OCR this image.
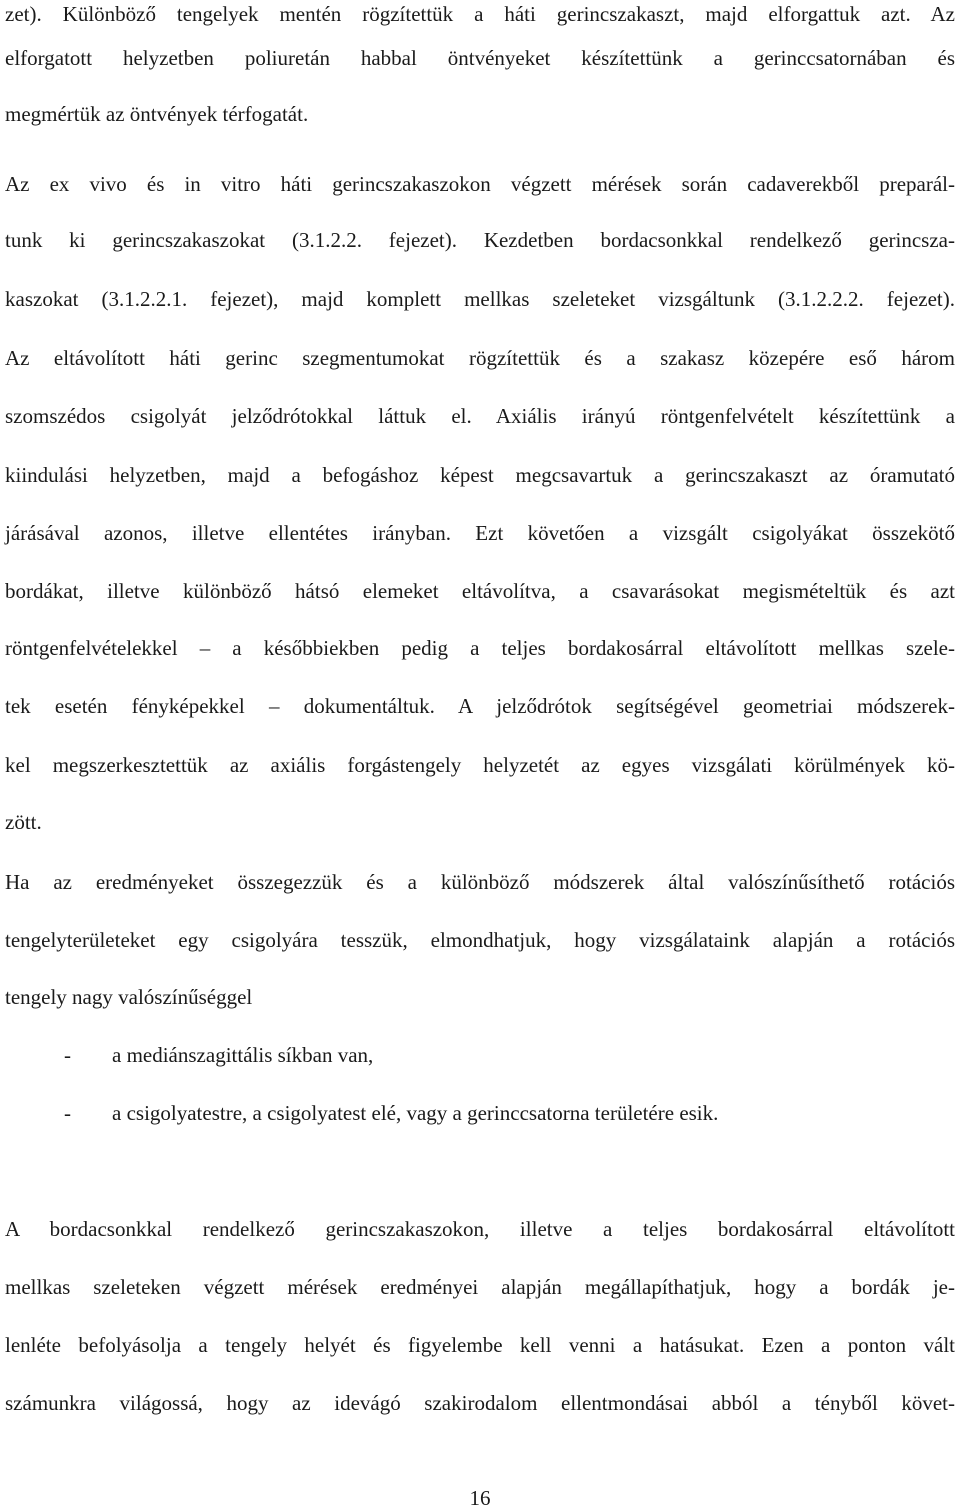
zet). Különböző tengelyek mentén rögzítettük a háti gerincszakaszt, majd elforgattuk azt. Az
elforgatott helyzetben poliuretán habbal öntvényeket készítettünk a gerinccsatornában és
megmértük az öntvények térfogatát.
Az ex vivo és in vitro háti gerincszakaszokon végzett mérések során cadaverekből preparál-
tunk ki gerincszakaszokat (3.1.2.2. fejezet). Kezdetben bordacsonkkal rendelkező gerincsza-
kaszokat (3.1.2.2.1. fejezet), majd komplett mellkas szeleteket vizsgáltunk (3.1.2.2.2. fejezet).
Az eltávolított háti gerinc szegmentumokat rögzítettük és a szakasz közepére eső három
szomszédos csigolyát jelződrótokkal láttuk el. Axiális irányú röntgenfelvételt készítettünk a
kiindulási helyzetben, majd a befogáshoz képest megcsavartuk a gerincszakaszt az óramutató
járásával azonos, illetve ellentétes irányban. Ezt követően a vizsgált csigolyákat összekötő
bordákat, illetve különböző hátsó elemeket eltávolítva, a csavarásokat megismételtük és azt
röntgenfelvételekkel – a későbbiekben pedig a teljes bordakosárral eltávolított mellkas szele-
tek esetén fényképekkel – dokumentáltuk. A jelződrótok segítségével geometriai módszerek-
kel megszerkesztettük az axiális forgástengely helyzetét az egyes vizsgálati körülmények kö-
zött.
Ha az eredményeket összegezzük és a különböző módszerek által valószínűsíthető rotációs
tengelyterületeket egy csigolyára tesszük, elmondhatjuk, hogy vizsgálataink alapján a rotációs
tengely nagy valószínűséggel
- a mediánszagittális síkban van,
- a csigolyatestre, a csigolyatest elé, vagy a gerinccsatorna területére esik.
A bordacsonkkal rendelkező gerincszakaszokon, illetve a teljes bordakosárral eltávolított
mellkas szeleteken végzett mérések eredményei alapján megállapíthatjuk, hogy a bordák je-
lenléte befolyásolja a tengely helyét és figyelembe kell venni a hatásukat. Ezen a ponton vált
számunkra világossá, hogy az idevágó szakirodalom ellentmondásai abból a tényből követ-
16
